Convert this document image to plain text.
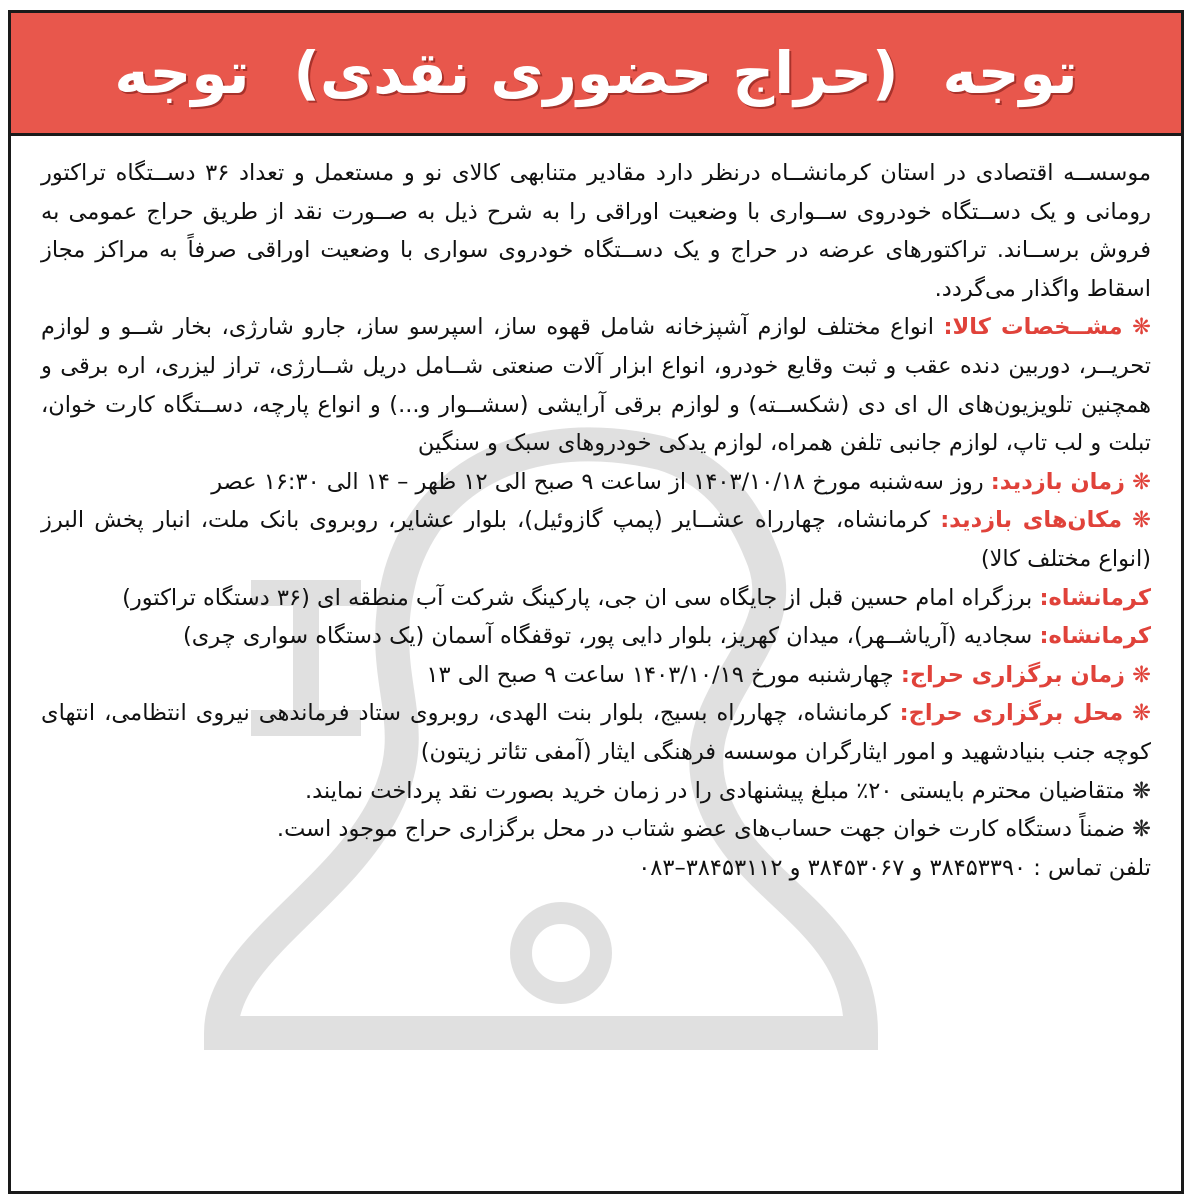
توجه
(حراج حضوری نقدی)
توجه

موسســه اقتصادی در استان کرمانشــاه درنظر دارد مقادیر متنابهی کالای نو و مستعمل و تعداد ۳۶ دســتگاه تراکتور رومانی و یک دســتگاه خودروی ســواری با وضعیت اوراقی را به شرح ذیل به صــورت نقد از طریق حراج عمومی به فروش برســاند. تراکتورهای عرضه در حراج و یک دســتگاه خودروی سواری با وضعیت اوراقی صرفاً به مراکز مجاز اسقاط واگذار می‌گردد.

❋ مشــخصات کالا: انواع مختلف لوازم آشپزخانه شامل قهوه ساز، اسپرسو ساز، جارو شارژی، بخار شــو و لوازم تحریــر، دوربین دنده عقب و ثبت وقایع خودرو، انواع ابزار آلات صنعتی شــامل دریل شــارژی، تراز لیزری، اره برقی و همچنین تلویزیون‌های ال ای دی (شکســته) و لوازم برقی آرایشی (سشــوار و...) و انواع پارچه، دســتگاه کارت خوان، تبلت و لب تاپ، لوازم جانبی تلفن همراه، لوازم یدکی خودروهای سبک و سنگین

❋ زمان بازدید: روز سه‌شنبه مورخ ۱۴۰۳/۱۰/۱۸ از ساعت ۹ صبح الی ۱۲ ظهر – ۱۴ الی ۱۶:۳۰ عصر

❋ مکان‌های بازدید: کرمانشاه، چهارراه عشــایر (پمپ گازوئیل)، بلوار عشایر، روبروی بانک ملت، انبار پخش البرز (انواع مختلف کالا)

کرمانشاه: برزگراه امام حسین قبل از جایگاه سی ان جی، پارکینگ شرکت آب منطقه ای (۳۶ دستگاه تراکتور)

کرمانشاه: سجادیه (آریاشــهر)، میدان کهریز، بلوار دایی پور، توقفگاه آسمان (یک دستگاه سواری چری)

❋ زمان برگزاری حراج: چهارشنبه مورخ ۱۴۰۳/۱۰/۱۹ ساعت ۹ صبح الی ۱۳

❋ محل برگزاری حراج: کرمانشاه، چهارراه بسیج، بلوار بنت الهدی، روبروی ستاد فرماندهی نیروی انتظامی، انتهای کوچه جنب بنیادشهید و امور ایثارگران موسسه فرهنگی ایثار (آمفی تئاتر زیتون)

❋ متقاضیان محترم بایستی ۲۰٪ مبلغ پیشنهادی را در زمان خرید بصورت نقد پرداخت نمایند.

❋ ضمناً دستگاه کارت خوان جهت حساب‌های عضو شتاب در محل برگزاری حراج موجود است.

تلفن تماس : ۳۸۴۵۳۳۹۰ و ۳۸۴۵۳۰۶۷ و ۳۸۴۵۳۱۱۲–۰۸۳
